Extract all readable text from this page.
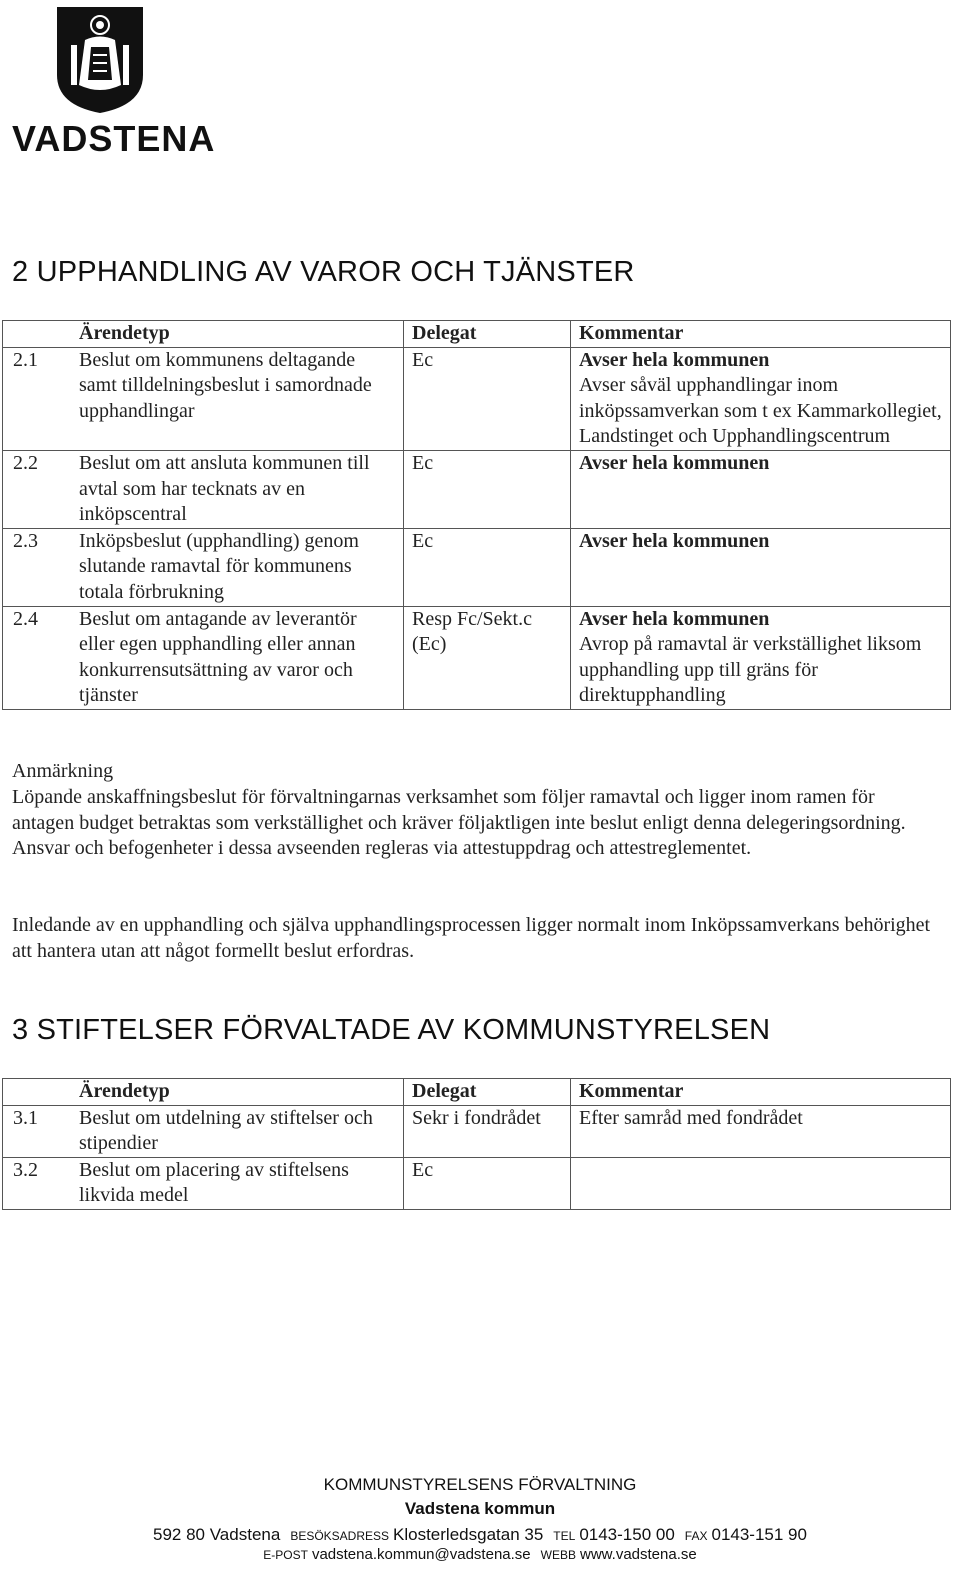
VADSTENA
2 UPPHANDLING AV VAROR OCH TJÄNSTER
	Ärendetyp	Delegat	Kommentar
2.1	Beslut om kommunens deltagande samt tilldelningsbeslut i samordnade upphandlingar	Ec	Avser hela kommunen
Avser såväl upphandlingar inom inköpssamverkan som t ex Kammarkollegiet, Landstinget och Upphandlingscentrum

2.2	Beslut om att ansluta kommunen till avtal som har tecknats av en inköpscentral	Ec	Avser hela kommunen

2.3	Inköpsbeslut (upphandling) genom slutande ramavtal för kommunens totala förbrukning	Ec	Avser hela kommunen

2.4	Beslut om antagande av leverantör eller egen upphandling eller annan konkurrensutsättning av varor och tjänster	Resp Fc/Sekt.c (Ec)	Avser hela kommunen
Avrop på ramavtal är verkställighet liksom upphandling upp till gräns för direktupphandling

Anmärkning

Löpande anskaffningsbeslut för förvaltningarnas verksamhet som följer ramavtal och ligger inom ramen för antagen budget betraktas som verkställighet och kräver följaktligen inte beslut enligt denna delegeringsordning. Ansvar och befogenheter i dessa avseenden regleras via attestuppdrag och attestreglementet.

Inledande av en upphandling och själva upphandlingsprocessen ligger normalt inom Inköpssamverkans behörighet att hantera utan att något formellt beslut erfordras.

3 STIFTELSER FÖRVALTADE AV KOMMUNSTYRELSEN
	Ärendetyp	Delegat	Kommentar
3.1	Beslut om utdelning av stiftelser och stipendier	Sekr i fondrådet	Efter samråd med fondrådet
3.2	Beslut om placering av stiftelsens likvida medel	Ec	
KOMMUNSTYRELSENS FÖRVALTNING
Vadstena kommun
592 80 Vadstena BESÖKSADRESS Klosterledsgatan 35 TEL 0143-150 00 FAX 0143-151 90
E-POST vadstena.kommun@vadstena.se WEBB www.vadstena.se
